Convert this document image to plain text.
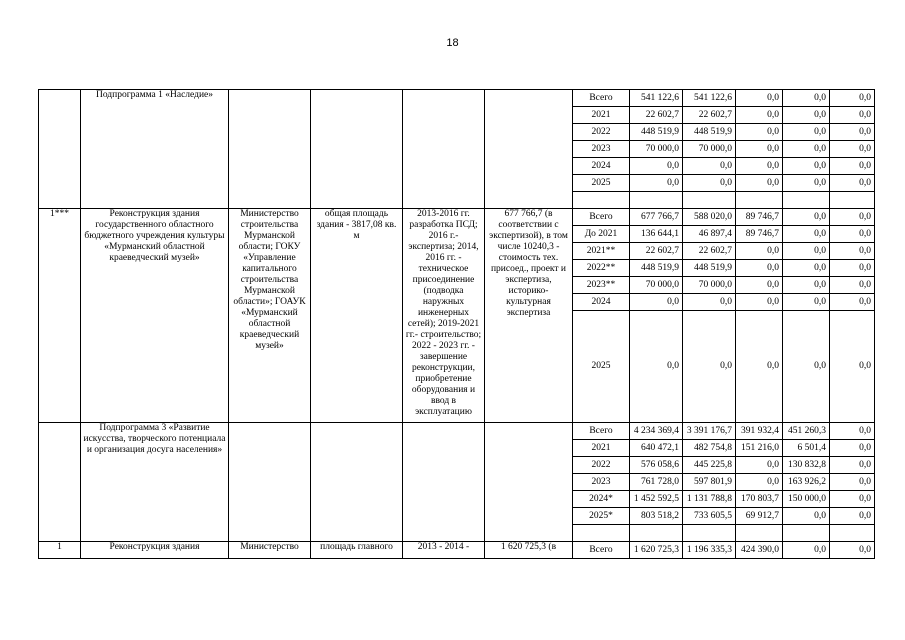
18
	Подпрограмма 1 «Наследие»					Всего	541 122,6	541 122,6	0,0	0,0	0,0
						2021	22 602,7	22 602,7	0,0	0,0	0,0
						2022	448 519,9	448 519,9	0,0	0,0	0,0
						2023	70 000,0	70 000,0	0,0	0,0	0,0
						2024	0,0	0,0	0,0	0,0	0,0
						2025	0,0	0,0	0,0	0,0	0,0

1***	Реконструкция здания государственного областного бюджетного учреждения культуры «Мурманский областной краеведческий музей»	Министерство строительства Мурманской области; ГОКУ «Управление капитального строительства Мурманской области»; ГОАУК «Мурманский областной краеведческий музей»	общая площадь здания - 3817,08 кв. м	2013-2016 гг. разработка ПСД; 2016 г.- экспертиза; 2014, 2016 гг. - техническое присоединение (подводка наружных инженерных сетей); 2019-2021 гг.- строительство; 2022 - 2023 гг. - завершение реконструкции, приобретение оборудования и ввод в эксплуатацию	677 766,7 (в соответствии с экспертизой), в том числе 10240,3 - стоимость тех. присоед., проект и экспертиза, историко-культурная экспертиза	Всего	677 766,7	588 020,0	89 746,7	0,0	0,0
						До 2021	136 644,1	46 897,4	89 746,7	0,0	0,0
						2021**	22 602,7	22 602,7	0,0	0,0	0,0
						2022**	448 519,9	448 519,9	0,0	0,0	0,0
						2023**	70 000,0	70 000,0	0,0	0,0	0,0
						2024	0,0	0,0	0,0	0,0	0,0
						2025	0,0	0,0	0,0	0,0	0,0
	Подпрограмма 3 «Развитие искусства, творческого потенциала и организация досуга населения»					Всего	4 234 369,4	3 391 176,7	391 932,4	451 260,3	0,0
						2021	640 472,1	482 754,8	151 216,0	6 501,4	0,0
						2022	576 058,6	445 225,8	0,0	130 832,8	0,0
						2023	761 728,0	597 801,9	0,0	163 926,2	0,0
						2024*	1 452 592,5	1 131 788,8	170 803,7	150 000,0	0,0
						2025*	803 518,2	733 605,5	69 912,7	0,0	0,0

1	Реконструкция здания	Министерство	площадь главного	2013 - 2014 -	1 620 725,3 (в	Всего	1 620 725,3	1 196 335,3	424 390,0	0,0	0,0
